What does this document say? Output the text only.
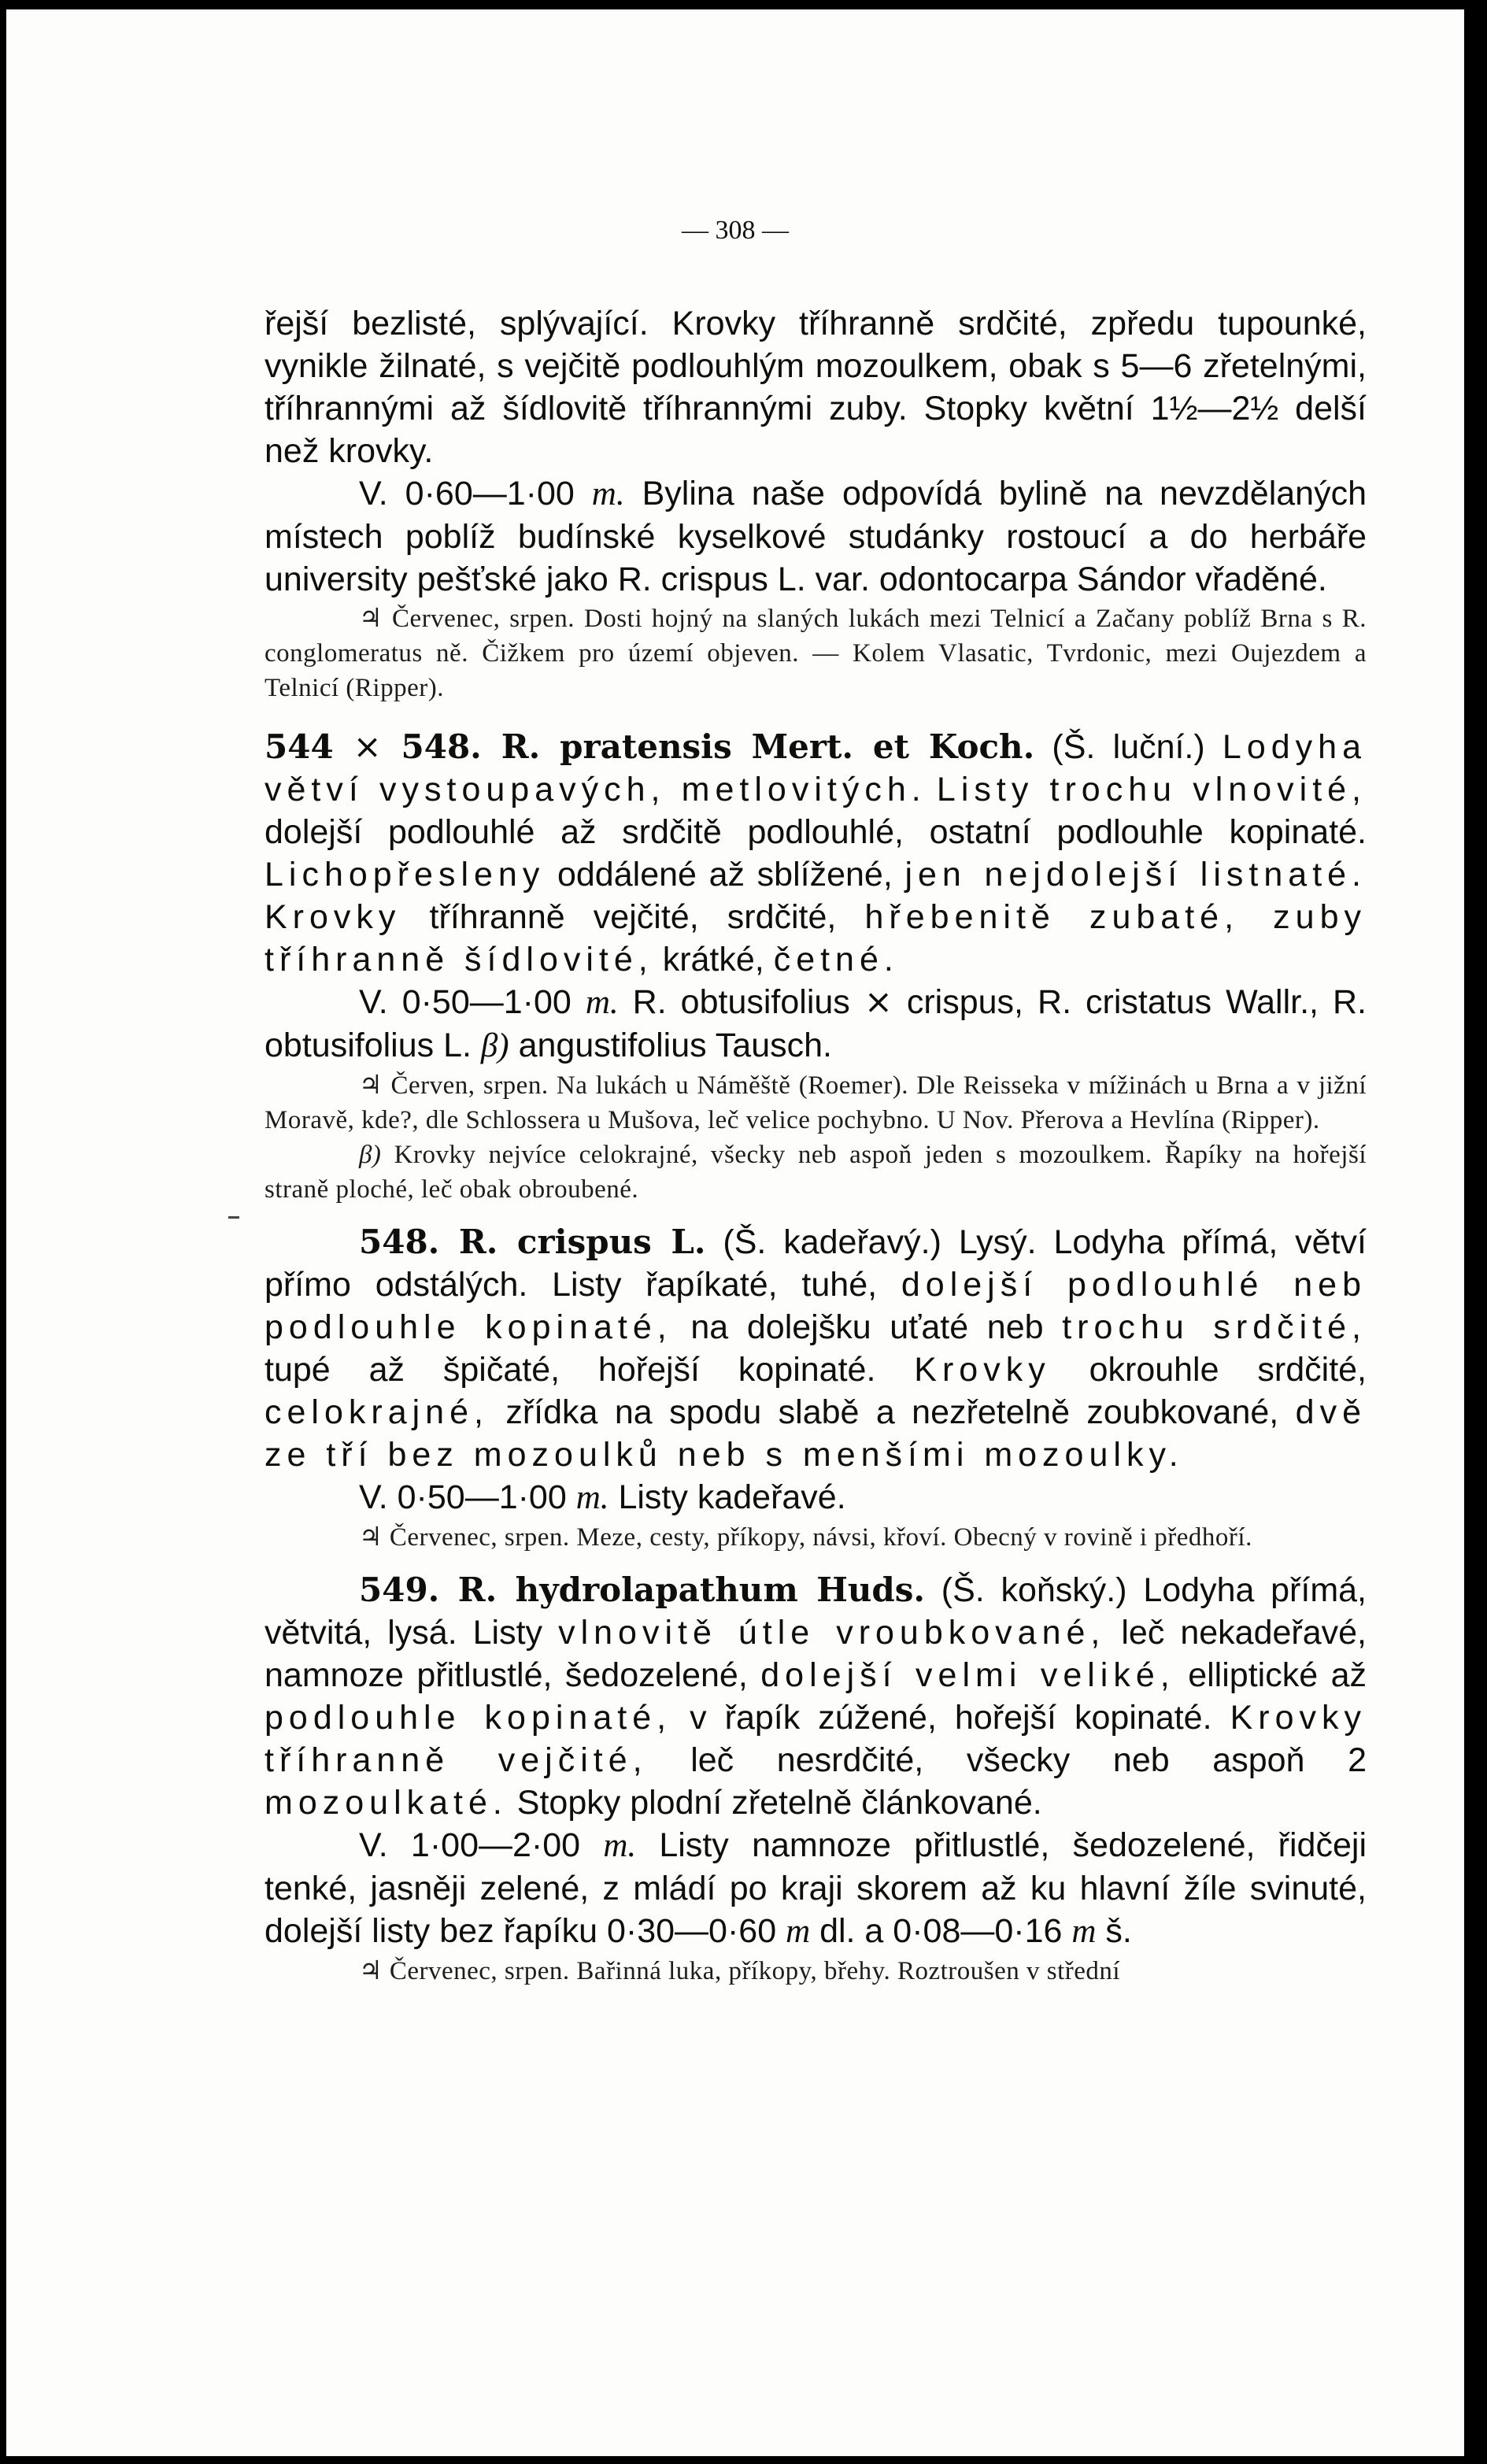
— 308 —

řejší bezlisté, splývající. Krovky tříhranně srdčité, zpředu tupounké, vynikle žilnaté, s vejčitě podlouhlým mozoulkem, obak s 5—6 zřetelnými, tříhrannými až šídlovitě tříhrannými zuby. Stopky květní 1½—2½ delší než krovky.

V. 0·60—1·00 m. Bylina naše odpovídá bylině na nevzdělaných místech poblíž budínské kyselkové studánky rostoucí a do herbáře university pešťské jako R. crispus L. var. odontocarpa Sándor vřaděné.

♃ Červenec, srpen. Dosti hojný na slaných lukách mezi Telnicí a Začany poblíž Brna s R. conglomeratus ně. Čižkem pro území objeven. — Kolem Vlasatic, Tvrdonic, mezi Oujezdem a Telnicí (Ripper).

544 × 548. R. pratensis Mert. et Koch. (Š. luční.) Lodyha větví vystoupavých, metlovitých. Listy trochu vlnovité, dolejší podlouhlé až srdčitě podlouhlé, ostatní podlouhle kopinaté. Lichopřesleny oddálené až sblížené, jen nejdolejší listnaté. Krovky tříhranně vejčité, srdčité, hřebenitě zubaté, zuby tříhranně šídlovité, krátké, četné.

V. 0·50—1·00 m. R. obtusifolius × crispus, R. cristatus Wallr., R. obtusifolius L. β) angustifolius Tausch.

♃ Červen, srpen. Na lukách u Náměště (Roemer). Dle Reisseka v mížinách u Brna a v jižní Moravě, kde?, dle Schlossera u Mušova, leč velice pochybno. U Nov. Přerova a Hevlína (Ripper).

β) Krovky nejvíce celokrajné, všecky neb aspoň jeden s mozoulkem. Řapíky na hořejší straně ploché, leč obak obroubené.

548. R. crispus L. (Š. kadeřavý.) Lysý. Lodyha přímá, větví přímo odstálých. Listy řapíkaté, tuhé, dolejší podlouhlé neb podlouhle kopinaté, na dolejšku uťaté neb trochu srdčité, tupé až špičaté, hořejší kopinaté. Krovky okrouhle srdčité, celokrajné, zřídka na spodu slabě a nezřetelně zoubkované, dvě ze tří bez mozoulků neb s menšími mozoulky.

V. 0·50—1·00 m. Listy kadeřavé.

♃ Červenec, srpen. Meze, cesty, příkopy, návsi, křoví. Obecný v rovině i předhoří.

549. R. hydrolapathum Huds. (Š. koňský.) Lodyha přímá, větvitá, lysá. Listy vlnovitě útle vroubkované, leč nekadeřavé, namnoze přitlustlé, šedozelené, dolejší velmi veliké, elliptické až podlouhle kopinaté, v řapík zúžené, hořejší kopinaté. Krovky tříhranně vejčité, leč nesrdčité, všecky neb aspoň 2 mozoulkaté. Stopky plodní zřetelně článkované.

V. 1·00—2·00 m. Listy namnoze přitlustlé, šedozelené, řidčeji tenké, jasněji zelené, z mládí po kraji skorem až ku hlavní žíle svinuté, dolejší listy bez řapíku 0·30—0·60 m dl. a 0·08—0·16 m š.

♃ Červenec, srpen. Bařinná luka, příkopy, břehy. Roztroušen v střední
